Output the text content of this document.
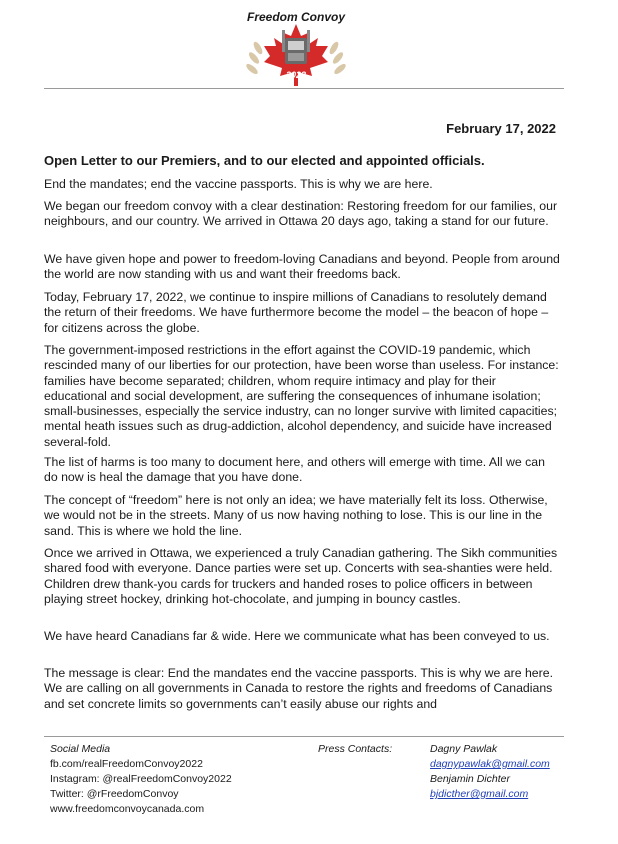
Freedom Convoy
2022
February 17, 2022
Open Letter to our Premiers, and to our elected and appointed officials.

End the mandates; end the vaccine passports. This is why we are here.

We began our freedom convoy with a clear destination: Restoring freedom for our families, our neighbours, and our country. We arrived in Ottawa 20 days ago, taking a stand for our future.

We have given hope and power to freedom-loving Canadians and beyond. People from around the world are now standing with us and want their freedoms back.

Today, February 17, 2022, we continue to inspire millions of Canadians to resolutely demand the return of their freedoms. We have furthermore become the model – the beacon of hope – for citizens across the globe.

The government-imposed restrictions in the effort against the COVID-19 pandemic, which rescinded many of our liberties for our protection, have been worse than useless. For instance: families have become separated; children, whom require intimacy and play for their educational and social development, are suffering the consequences of inhumane isolation; small-businesses, especially the service industry, can no longer survive with limited capacities; mental heath issues such as drug-addiction, alcohol dependency, and suicide have increased several-fold.

The list of harms is too many to document here, and others will emerge with time. All we can do now is heal the damage that you have done.

The concept of “freedom” here is not only an idea; we have materially felt its loss. Otherwise, we would not be in the streets. Many of us now having nothing to lose. This is our line in the sand. This is where we hold the line.

Once we arrived in Ottawa, we experienced a truly Canadian gathering. The Sikh communities shared food with everyone. Dance parties were set up. Concerts with sea-shanties were held. Children drew thank-you cards for truckers and handed roses to police officers in between playing street hockey, drinking hot-chocolate, and jumping in bouncy castles.

We have heard Canadians far & wide. Here we communicate what has been conveyed to us.

The message is clear: End the mandates end the vaccine passports. This is why we are here. We are calling on all governments in Canada to restore the rights and freedoms of Canadians and set concrete limits so governments can’t easily abuse our rights and

Social Media
fb.com/realFreedomConvoy2022
Instagram: @realFreedomConvoy2022
Twitter: @rFreedomConvoy
www.freedomconvoycanada.com
Press Contacts:	Dagny Pawlak
dagnypawlak@gmail.com
Benjamin Dichter
bjdicther@gmail.com
